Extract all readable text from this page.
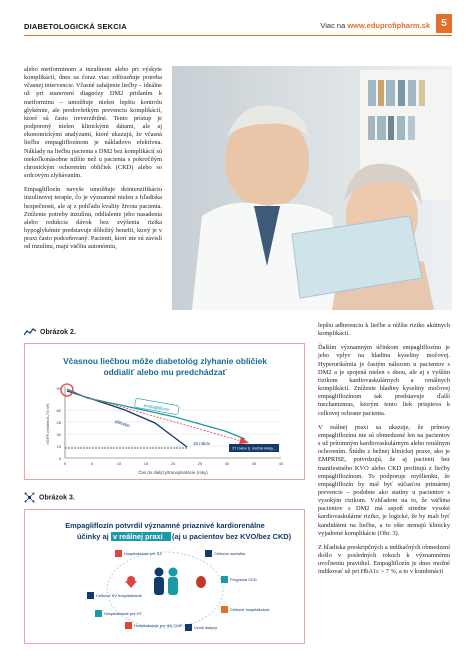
DIABETOLOGICKÁ SEKCIA	Viac na www.eduprofipharm.sk	5

alebo metforminom a inzulínom alebo pri výskyte komplikácií, dnes sa čoraz viac zdôrazňuje potreba včasnej intervencie. Včasné zahájenie liečby – ideálne už pri stanovení diagnózy DM2 pridaním k metforminu – umožňuje nielen lepšiu kontrolu glykémie, ale predovšetkým prevenciu komplikácií, ktoré sú často ireverzibilné. Tento prístup je podporený nielen klinickými dátami, ale aj ekonomickými analýzami, ktoré ukazujú, že včasná liečba empagliflozínom je nákladovo efektívna. Náklady na liečbu pacienta s DM2 bez komplikácií sú niekoľkonásobne nižšie než u pacienta s pokročilým chronickým ochorením obličiek (CKD) alebo so srdcovým zlyhávaním.

Empagliflozín navyše umožňuje deintenzifikáciu inzulínovej terapie, čo je významné nielen z hľadiska bezpečnosti, ale aj z pohľadu kvality života pacienta. Zníženie potreby inzulínu, oddialenie jeho nasadenia alebo redukcia dávok bez zvýšenia rizika hypoglykémie predstavuje dôležitý benefit, ktorý je v praxi často podceňovaný. Pacienti, ktorí nie sú závislí od inzulínu, majú väčšiu autonómiu,

Obrázok 2.
Včasnou liečbou môže diabetológ zlyhanie obličiek
oddialiť alebo mu predchádzať
eGFR (ml/min/1,73 m²)
90
60
45
30
15
0
0	5	10	15	20	25	30	35	40
Čas do dialýzy/transplantácie (roky)
empagliflozín
placebo
16 rokov
27 rokov tj. možná nikdy...
Obrázok 3.
Empagliflozín potvrdil významné priaznivé kardiorenálne
účinky aj v reálnej praxi (aj u pacientov bez KVO/bez CKD)
Hospitalizácie pre SZ	Celková mortalita
Progresia CKD
Celkové KV hospitalizácie
Hospitalizácie pre IM/ CMP
Celkové hospitalizácie
Hospitalizácie pre HT
Vznik dialýzy

lepšiu adherenciu k liečbe a nižšie riziko akútnych komplikácií.

Ďalším významným účinkom empagliflozínu je jeho vplyv na hladinu kyseliny močovej. Hyperurikémia je častým nálezom u pacientov s DM2 a je spojená nielen s dnou, ale aj s vyšším rizikom kardiovaskulárnych a renálnych komplikácií. Zníženie hladiny kyseliny močovej empagliflozínom tak predstavuje ďalší mechanizmus, ktorým tento liek prispieva k celkovej ochrane pacienta.

V reálnej praxi sa ukazuje, že prínosy empagliflozínu nie sú obmedzené len na pacientov s už prítomným kardiovaskulárnym alebo renálnym ochorením. Štúdie z bežnej klinickej praxe, ako je EMPRISE, potvrdzujú, že aj pacienti bez manifestného KVO alebo CKD profitujú z liečby empagliflozínom. To podporuje myšlienku, že empagliflozín by mal byť súčasťou primárnej prevencie – podobne ako statíny u pacientov s vysokým rizikom. Vzhľadom na to, že väčšina pacientov s DM2 má aspoň stredne vysoké kardiovaskulárne riziko, je logické, že by mali byť kandidátmi na liečbu, a to ešte nemajú klinicky vyjadrené komplikácie (Obr. 3).

Z hľadiska preskripčných a indikačných obmedzení došlo v posledných rokoch k významnému uvoľneniu pravidiel. Empagliflozín je dnes možné indikovať už pri HbA1c > 7 %, a to v kombinácii
